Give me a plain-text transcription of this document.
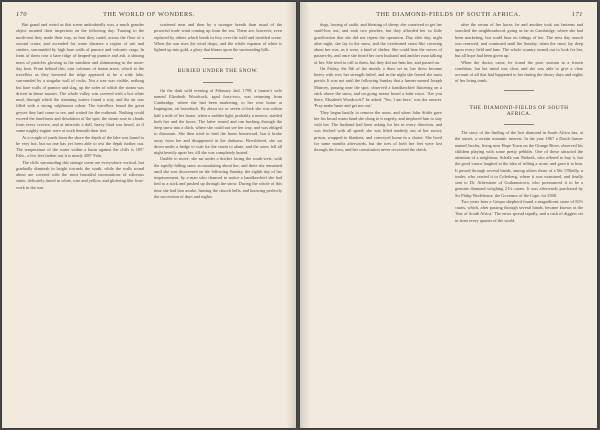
170	THE WORLD OF WONDERS.

But grand and weird as this scene undoubtedly was, a much grander object awaited their inspection on the following day. Turning to the north-east they made their way, as best they could, across the floor of a second crater, and ascended for some distance a region of ash and cinders, surrounded by high bare walls of pumice and volcanic crags. In front of them rose a bare ridge of heaped-up pumice and ash, a shining mass of particles glowing in the sunshine and shimmering in the noon-day heat. From behind this, vast columns of steam arose, which to the travellers as they breasted the ridge appeared to be a wide lake, surrounded by a singular wall of rocks. Not a tree was visible, nothing but bare walls of pumice and slag, up the sides of which the steam was driven in dense masses. The whole valley was covered with a hot white mud, through which the steaming waters found a way, and the air was filled with a strong sulphurous odour. The travellers found the great geyser they had come to see, and waited for the outbreak. Nothing could exceed the loneliness and desolation of the spot; the steam rose in clouds from every crevice, and at intervals a dull, heavy thud was heard, as if some mighty engine were at work beneath their feet.

At a couple of yards from the shore the depth of the lake was found to be very hot, but no one has yet been able to test the depth further out. The temperature of the water within a basin against the cliffs is 185° Fahr., a few feet farther out it is nearly 200° Fahr.

The cliffs surrounding this strange scene are everywhere vertical, but gradually diminish in height towards the south, while the walls round about are covered with the most beautiful incrustations of siliceous sinter, delicately tinted in white, rose and yellow, and glittering like frost-work in the sun.

scattered near and then by a stronger breath than usual of the powerful trade wind coming up from the sea. These are, however, even replaced by others which break in fury over the wild and troubled scene. When the sun rises the wind drops, and the whole expanse of white is lighted up into gold, a glory that blazes upon the surrounding hills.

BURIED UNDER THE SNOW.

On the dark wild evening of February 2nd, 1799, a farmer's wife named Elizabeth Woodcock, aged forty-two, was returning from Cambridge, where she had been marketing, to her own home at Impington, on horseback. By about six or seven o'clock she was within half a mile of her home, when a sudden light, probably a meteor, startled both her and the horse. The latter reared and ran backing through the deep snow into a ditch, where she could not see her way, and was obliged to dismount. She then tried to lead the horse homeward, but it broke away from her and disappeared in the darkness. Bewildered, she sat down under a hedge to wait for the storm to abate, and the snow fell all night heavily upon her, till she was completely buried.

Unable to move, she sat under a thicket facing the south-west, with the rapidly-falling snow accumulating about her; and there she remained until she was discovered on the following Sunday, the eighth day of her imprisonment, by a man who chanced to notice a handkerchief she had tied to a stick and pushed up through the snow. During the whole of this time she had lain awake, hearing the church bells, and knowing perfectly the succession of days and nights.

THE DIAMOND-FIELDS OF SOUTH AFRICA.	171

dogs, lowing of cattle, and bleating of sheep; she contrived to get her snuff-box out, and took two pinches, but they afforded her so little gratification that she did not repeat the operation. Day after day, night after night, she lay in the snow, and the overheated straw-like covering about her was, as it were, a kind of shelter. She could hear the voices of passers-by, and once she heard her own husband and another man talking of her. She tried to call to them, but they did not hear her, and passed on.

On Friday, the 8th of the month, a thaw set in; her dress became heavy with wet; her strength failed, and in the night she feared she must perish. It was not until the following Sunday that a farmer named Joseph Muncey, passing near the spot, observed a handkerchief fluttering on a stick above the snow, and on going nearer heard a faint voice. 'Are you there, Elizabeth Woodcock?' he asked. 'Yes, I am here,' was the answer. 'Pray make haste and get me out.'

They began hastily to remove the snow, and when John Stittle gave her his broad warm hand she clung to it eagerly, and implored him to stay with her. The husband had been asking for her in every direction, and was fetched with all speed; she was lifted tenderly out of her snowy prison, wrapped in blankets, and conveyed home in a chaise. She lived for some months afterwards, but the toes of both her feet were lost through the frost, and her constitution never recovered the shock.

after the return of her horse, he and another took out lanterns and searched the neighbourhood, going as far as Cambridge, where she had been marketing, but could hear no tidings of her. The next day search was renewed, and continued until the Sunday, when the snow lay deep upon every field and lane. The whole country turned out to look for her, but all hope had been given up.

When the doctor came, he found the poor woman in a frozen condition, but her mind was clear, and she was able to give a clear account of all that had happened to her during the dreary days and nights of her living tomb.

THE DIAMOND-FIELDS OF SOUTH
AFRICA.

The story of the finding of the first diamond in South Africa has, at the outset, a certain romantic interest. In the year 1867 a Dutch farmer named Jacobs, living near Hope Town on the Orange River, observed his children playing with some pretty pebbles. One of these attracted the attention of a neighbour, Schalk van Niekerk, who offered to buy it, but the good vrouw laughed at the idea of selling a stone, and gave it to him. It passed through several hands, among others those of a Mr. O'Reilly, a trader, who carried it to Colesberg, where it was examined, and finally sent to Dr. Atherstone of Grahamstown, who pronounced it to be a genuine diamond weighing 21¼ carats. It was afterwards purchased by Sir Philip Wodehouse, the Governor of the Cape, for £500.

Two years later a Griqua shepherd found a magnificent stone of 83½ carats, which, after passing through several hands, became known as the 'Star of South Africa.' The news spread rapidly, and a rush of diggers set in from every quarter of the world.
